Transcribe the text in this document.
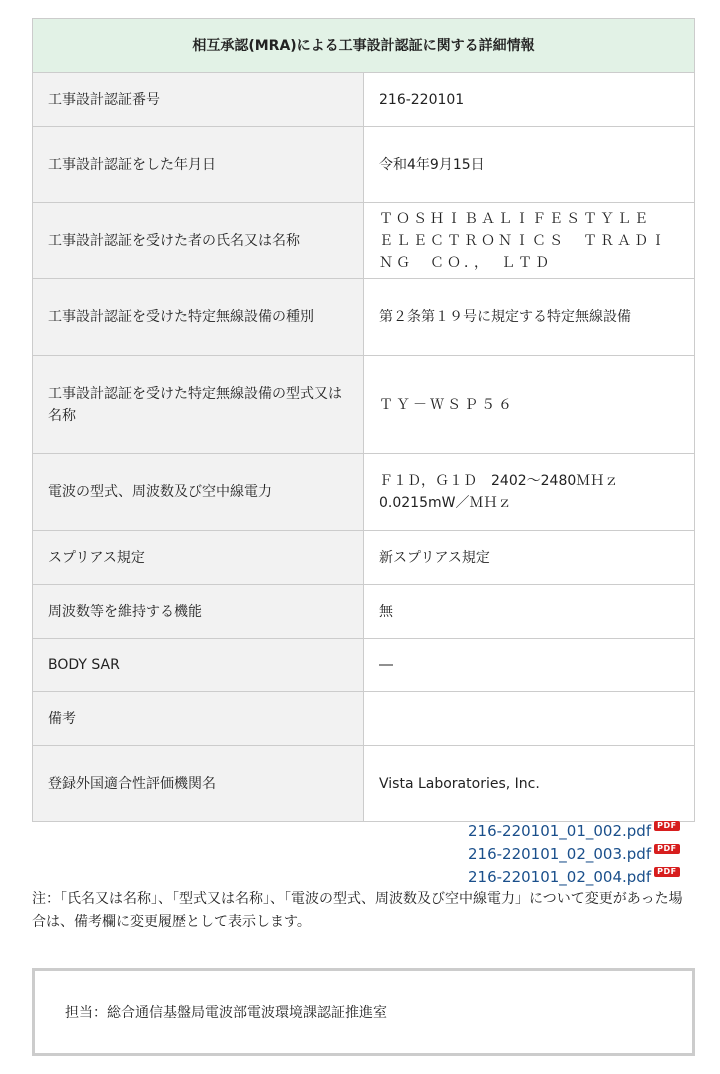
相互承認(MRA)による工事設計認証に関する詳細情報	
工事設計認証番号	216-220101
工事設計認証をした年月日	令和4年9月15日
工事設計認証を受けた者の氏名又は名称	ＴＯＳＨＩＢＡＬＩＦＥＳＴＹＬＥ　ＥＬＥＣＴＲＯＮＩＣＳ　ＴＲＡＤＩＮＧ　ＣＯ．，　ＬＴＤ
工事設計認証を受けた特定無線設備の種別	第２条第１９号に規定する特定無線設備
工事設計認証を受けた特定無線設備の型式又は名称	ＴＹ－ＷＳＰ５６
電波の型式、周波数及び空中線電力	Ｆ１Ｄ，Ｇ１Ｄ　2402～2480ＭＨｚ　0.0215mW／ＭＨｚ
スプリアス規定	新スプリアス規定
周波数等を維持する機能	無
BODY SAR	―
備考	
登録外国適合性評価機関名	Vista Laboratories, Inc.
216-220101_01_002.pdf PDF
216-220101_02_003.pdf PDF
216-220101_02_004.pdf PDF

注：「氏名又は名称」、「型式又は名称」、「電波の型式、周波数及び空中線電力」について変更があった場合は、備考欄に変更履歴として表示します。

担当：総合通信基盤局電波部電波環境課認証推進室
